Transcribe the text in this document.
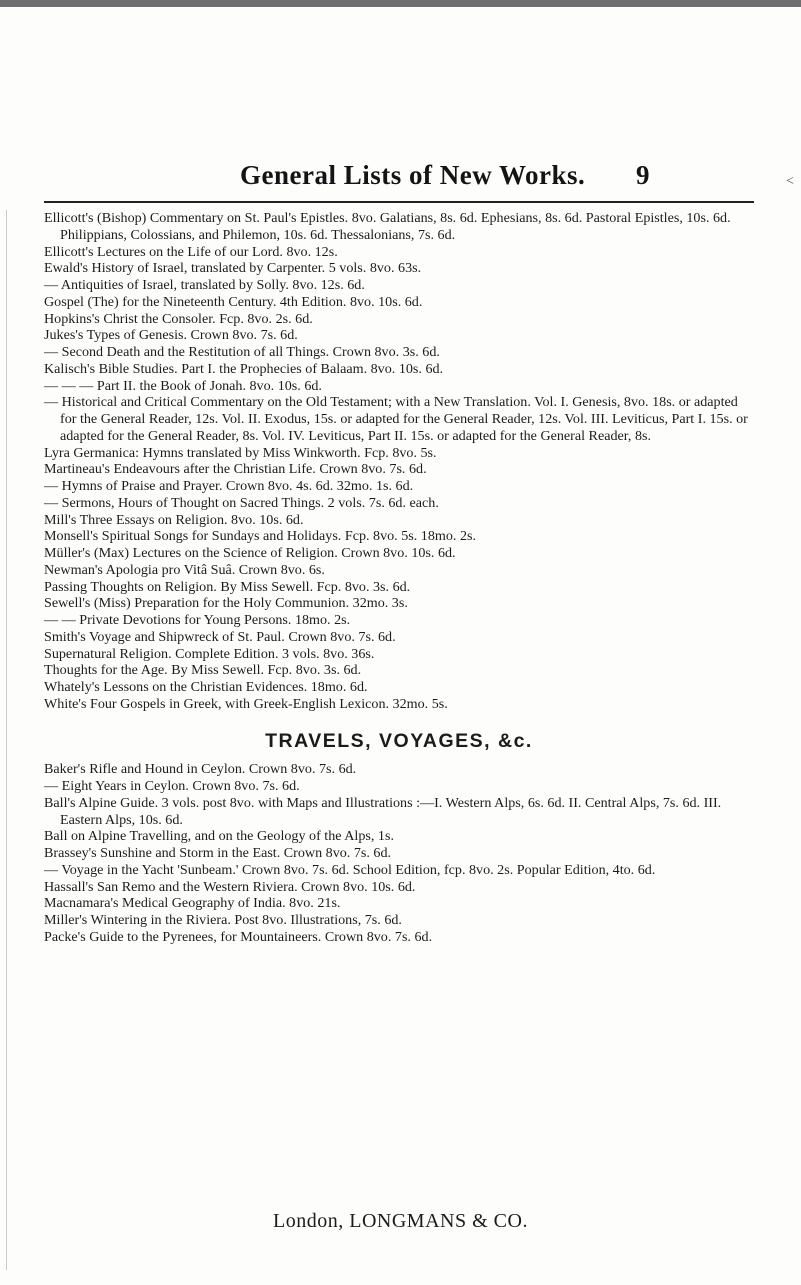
General Lists of New Works. 9	<

Ellicott's (Bishop) Commentary on St. Paul's Epistles. 8vo. Galatians, 8s. 6d. Ephesians, 8s. 6d. Pastoral Epistles, 10s. 6d. Philippians, Colossians, and Philemon, 10s. 6d. Thessalonians, 7s. 6d.

Ellicott's Lectures on the Life of our Lord. 8vo. 12s.

Ewald's History of Israel, translated by Carpenter. 5 vols. 8vo. 63s.

— Antiquities of Israel, translated by Solly. 8vo. 12s. 6d.

Gospel (The) for the Nineteenth Century. 4th Edition. 8vo. 10s. 6d.

Hopkins's Christ the Consoler. Fcp. 8vo. 2s. 6d.

Jukes's Types of Genesis. Crown 8vo. 7s. 6d.

— Second Death and the Restitution of all Things. Crown 8vo. 3s. 6d.

Kalisch's Bible Studies. Part I. the Prophecies of Balaam. 8vo. 10s. 6d.

— — — Part II. the Book of Jonah. 8vo. 10s. 6d.

— Historical and Critical Commentary on the Old Testament; with a New Translation. Vol. I. Genesis, 8vo. 18s. or adapted for the General Reader, 12s. Vol. II. Exodus, 15s. or adapted for the General Reader, 12s. Vol. III. Leviticus, Part I. 15s. or adapted for the General Reader, 8s. Vol. IV. Leviticus, Part II. 15s. or adapted for the General Reader, 8s.

Lyra Germanica: Hymns translated by Miss Winkworth. Fcp. 8vo. 5s.

Martineau's Endeavours after the Christian Life. Crown 8vo. 7s. 6d.

— Hymns of Praise and Prayer. Crown 8vo. 4s. 6d. 32mo. 1s. 6d.

— Sermons, Hours of Thought on Sacred Things. 2 vols. 7s. 6d. each.

Mill's Three Essays on Religion. 8vo. 10s. 6d.

Monsell's Spiritual Songs for Sundays and Holidays. Fcp. 8vo. 5s. 18mo. 2s.

Müller's (Max) Lectures on the Science of Religion. Crown 8vo. 10s. 6d.

Newman's Apologia pro Vitâ Suâ. Crown 8vo. 6s.

Passing Thoughts on Religion. By Miss Sewell. Fcp. 8vo. 3s. 6d.

Sewell's (Miss) Preparation for the Holy Communion. 32mo. 3s.

— — Private Devotions for Young Persons. 18mo. 2s.

Smith's Voyage and Shipwreck of St. Paul. Crown 8vo. 7s. 6d.

Supernatural Religion. Complete Edition. 3 vols. 8vo. 36s.

Thoughts for the Age. By Miss Sewell. Fcp. 8vo. 3s. 6d.

Whately's Lessons on the Christian Evidences. 18mo. 6d.

White's Four Gospels in Greek, with Greek-English Lexicon. 32mo. 5s.

TRAVELS, VOYAGES, &c.

Baker's Rifle and Hound in Ceylon. Crown 8vo. 7s. 6d.

— Eight Years in Ceylon. Crown 8vo. 7s. 6d.

Ball's Alpine Guide. 3 vols. post 8vo. with Maps and Illustrations :—I. Western Alps, 6s. 6d. II. Central Alps, 7s. 6d. III. Eastern Alps, 10s. 6d.

Ball on Alpine Travelling, and on the Geology of the Alps, 1s.

Brassey's Sunshine and Storm in the East. Crown 8vo. 7s. 6d.

— Voyage in the Yacht 'Sunbeam.' Crown 8vo. 7s. 6d. School Edition, fcp. 8vo. 2s. Popular Edition, 4to. 6d.

Hassall's San Remo and the Western Riviera. Crown 8vo. 10s. 6d.

Macnamara's Medical Geography of India. 8vo. 21s.

Miller's Wintering in the Riviera. Post 8vo. Illustrations, 7s. 6d.

Packe's Guide to the Pyrenees, for Mountaineers. Crown 8vo. 7s. 6d.

London, LONGMANS & CO.
